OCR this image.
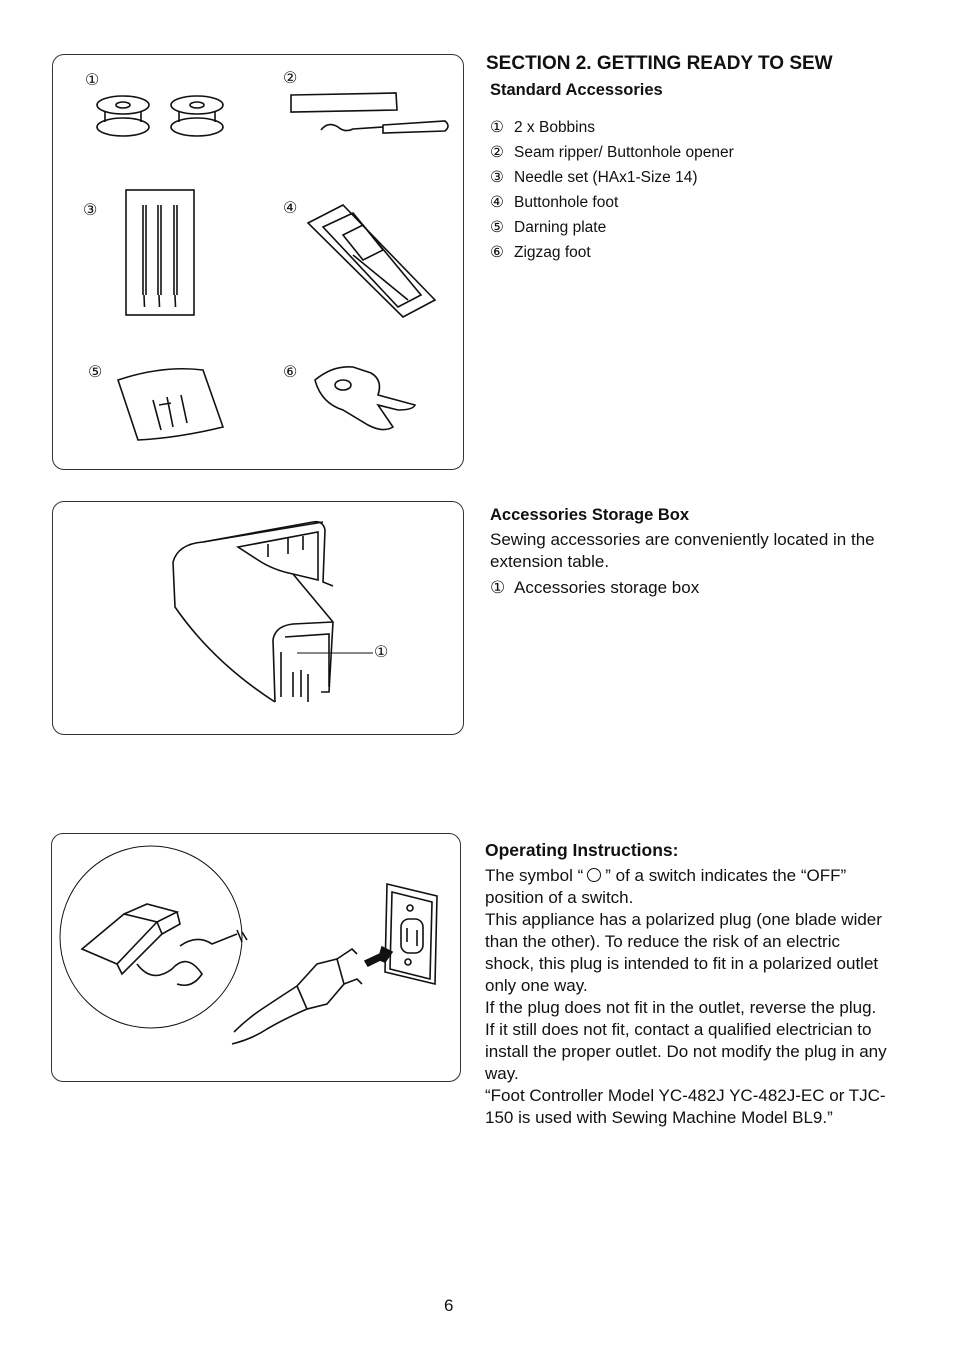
①	②
③	④
⑤	⑥
SECTION 2. GETTING READY TO SEW
Standard Accessories
① 2 x Bobbins
② Seam ripper/ Buttonhole opener
③ Needle set (HAx1-Size 14)
④ Buttonhole foot
⑤ Darning plate
⑥ Zigzag foot
①
Accessories Storage Box
Sewing accessories are conveniently located in the extension table.
① Accessories storage box
Operating Instructions:

The symbol “ ” of a switch indicates the “OFF” position of a switch.

This appliance has a polarized plug (one blade wider than the other). To reduce the risk of an electric shock, this plug is intended to fit in a polarized outlet only one way.

If the plug does not fit in the outlet, reverse the plug. If it still does not fit, contact a qualified electrician to install the proper outlet. Do not modify the plug in any way.

“Foot Controller Model YC-482J YC-482J-EC or TJC-150 is used with Sewing Machine Model BL9.”

6
